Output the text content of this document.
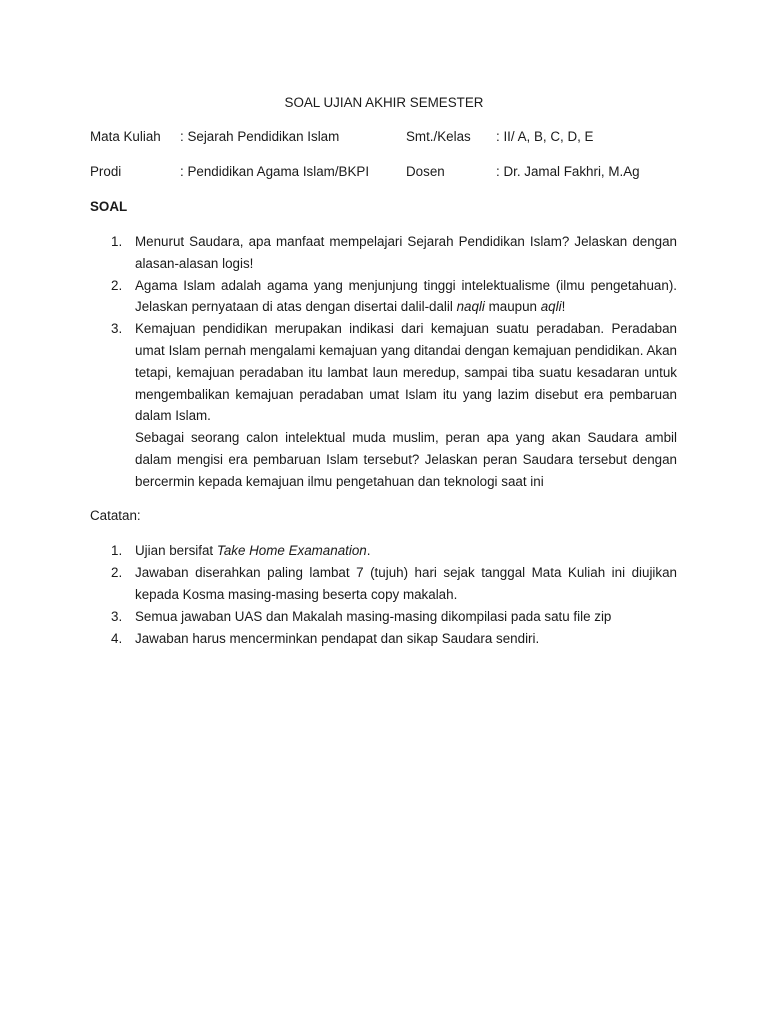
SOAL UJIAN AKHIR SEMESTER
Mata Kuliah : Sejarah Pendidikan Islam	Smt./Kelas : II/ A, B, C, D, E
Prodi	: Pendidikan Agama Islam/BKPI	Dosen	: Dr. Jamal Fakhri, M.Ag
SOAL
1. Menurut Saudara, apa manfaat mempelajari Sejarah Pendidikan Islam? Jelaskan dengan alasan-alasan logis!
2. Agama Islam adalah agama yang menjunjung tinggi intelektualisme (ilmu pengetahuan). Jelaskan pernyataan di atas dengan disertai dalil-dalil naqli maupun aqli!
3. Kemajuan pendidikan merupakan indikasi dari kemajuan suatu peradaban. Peradaban umat Islam pernah mengalami kemajuan yang ditandai dengan kemajuan pendidikan. Akan tetapi, kemajuan peradaban itu lambat laun meredup, sampai tiba suatu kesadaran untuk mengembalikan kemajuan peradaban umat Islam itu yang lazim disebut era pembaruan dalam Islam.
Sebagai seorang calon intelektual muda muslim, peran apa yang akan Saudara ambil dalam mengisi era pembaruan Islam tersebut? Jelaskan peran Saudara tersebut dengan bercermin kepada kemajuan ilmu pengetahuan dan teknologi saat ini
Catatan:
1. Ujian bersifat Take Home Examanation.
2. Jawaban diserahkan paling lambat 7 (tujuh) hari sejak tanggal Mata Kuliah ini diujikan kepada Kosma masing-masing beserta copy makalah.
3. Semua jawaban UAS dan Makalah masing-masing dikompilasi pada satu file zip
4. Jawaban harus mencerminkan pendapat dan sikap Saudara sendiri.
